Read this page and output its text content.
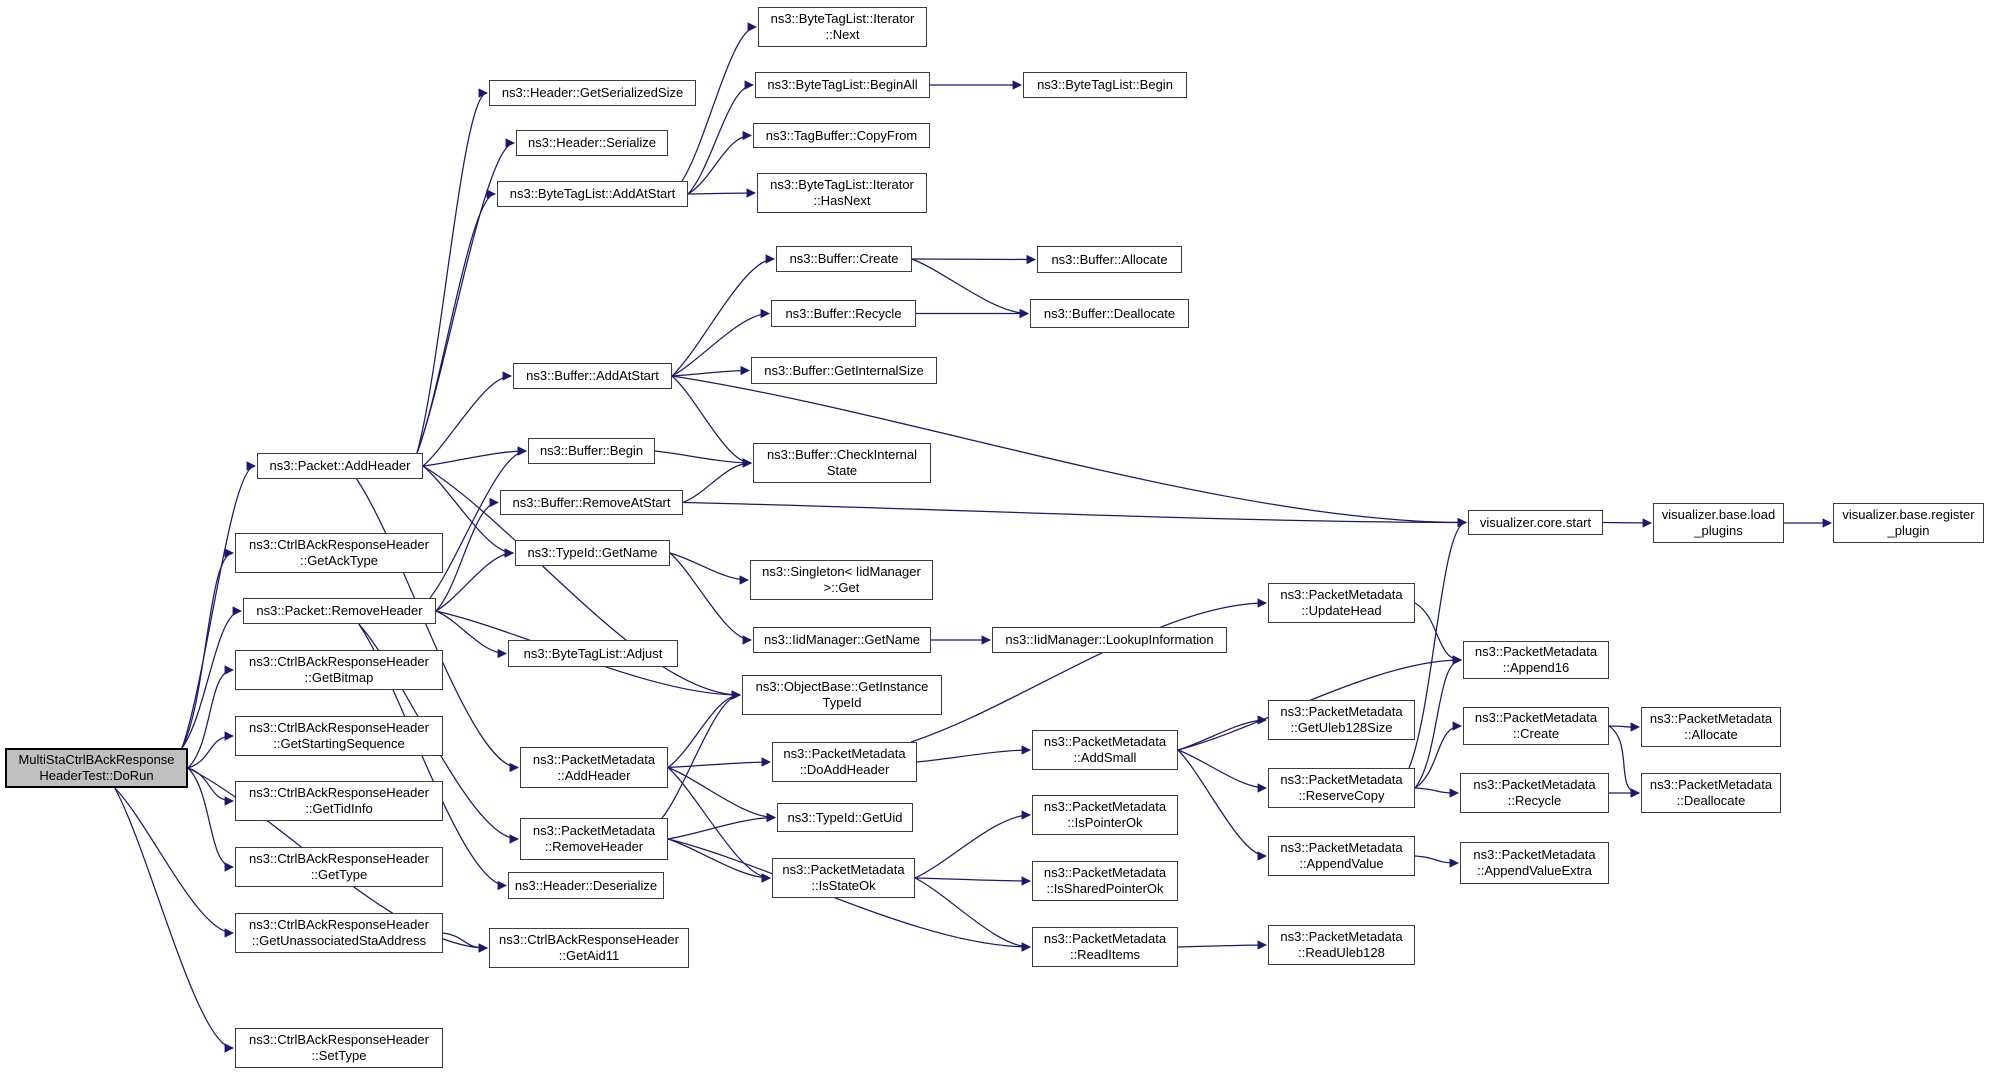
MultiStaCtrlBAckResponse
HeaderTest::DoRun
ns3::Packet::AddHeader
ns3::CtrlBAckResponseHeader
::GetAckType
ns3::Packet::RemoveHeader
ns3::CtrlBAckResponseHeader
::GetBitmap
ns3::CtrlBAckResponseHeader
::GetStartingSequence
ns3::CtrlBAckResponseHeader
::GetTidInfo
ns3::CtrlBAckResponseHeader
::GetType
ns3::CtrlBAckResponseHeader
::GetUnassociatedStaAddress
ns3::CtrlBAckResponseHeader
::SetType
ns3::Header::GetSerializedSize
ns3::Header::Serialize
ns3::ByteTagList::AddAtStart
ns3::Buffer::AddAtStart
ns3::Buffer::Begin
ns3::Buffer::RemoveAtStart
ns3::TypeId::GetName
ns3::ByteTagList::Adjust
ns3::PacketMetadata
::AddHeader
ns3::PacketMetadata
::RemoveHeader
ns3::Header::Deserialize
ns3::CtrlBAckResponseHeader
::GetAid11
ns3::ByteTagList::Iterator
::Next
ns3::ByteTagList::BeginAll
ns3::TagBuffer::CopyFrom
ns3::ByteTagList::Iterator
::HasNext
ns3::Buffer::Create
ns3::Buffer::Recycle
ns3::Buffer::GetInternalSize
ns3::Buffer::CheckInternal
State
ns3::Singleton< IidManager
>::Get
ns3::IidManager::GetName
ns3::ObjectBase::GetInstance
TypeId
ns3::PacketMetadata
::DoAddHeader
ns3::TypeId::GetUid
ns3::PacketMetadata
::IsStateOk
ns3::ByteTagList::Begin
ns3::Buffer::Allocate
ns3::Buffer::Deallocate
ns3::IidManager::LookupInformation
ns3::PacketMetadata
::AddSmall
ns3::PacketMetadata
::IsPointerOk
ns3::PacketMetadata
::IsSharedPointerOk
ns3::PacketMetadata
::ReadItems
ns3::PacketMetadata
::UpdateHead
ns3::PacketMetadata
::GetUleb128Size
ns3::PacketMetadata
::ReserveCopy
ns3::PacketMetadata
::AppendValue
ns3::PacketMetadata
::ReadUleb128
visualizer.core.start
ns3::PacketMetadata
::Append16
ns3::PacketMetadata
::Create
ns3::PacketMetadata
::Recycle
ns3::PacketMetadata
::AppendValueExtra
visualizer.base.load
_plugins
ns3::PacketMetadata
::Allocate
ns3::PacketMetadata
::Deallocate
visualizer.base.register
_plugin
